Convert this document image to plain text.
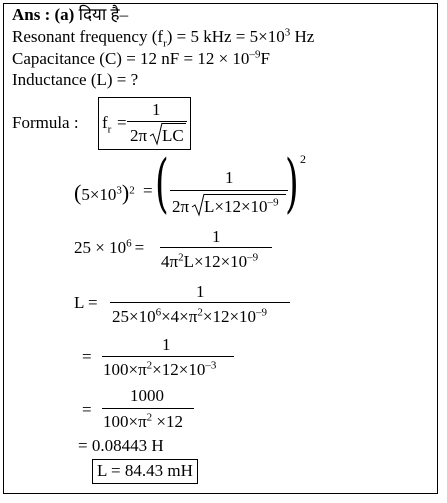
Ans : (a) दिया है–
Resonant frequency $(f_r) = 5$ kHz = $5\times 10^3$ Hz
Capacitance (C) = 12 nF = $12 \times 10^{-9}F$
Inductance (L) = ?
Formula : $f_r$ =
1
2π LC
$(5\times 10^3)^2$ = (	1
2π $L\times 12\times 10^{-9}$ ) 2
$25 \times 10^6$ =
1
$4\pi^2L\times 12\times 10^{-9}$
L =
1
$25\times 10^6\times 4\times\pi^2\times 12\times 10^{-9}$
=
1
$100\times\pi^2\times 12\times 10^{-3}$
=
1000
$100\times\pi^2 \times 12$
= 0.08443 H
L = 84.43 mH
